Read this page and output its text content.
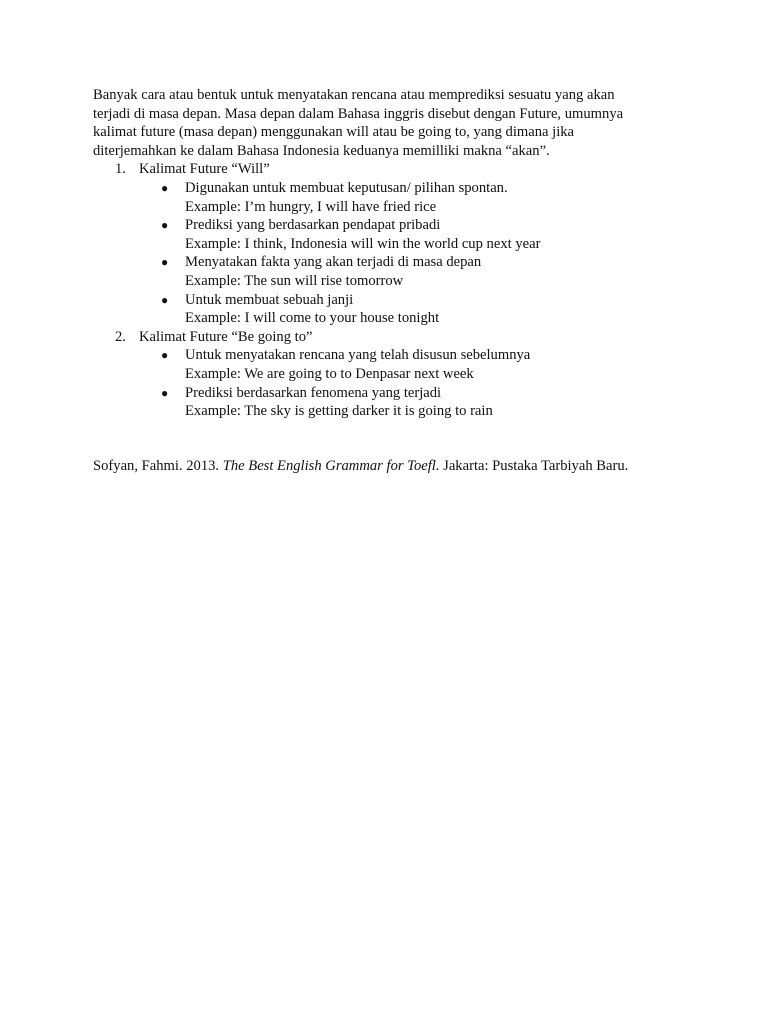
Banyak cara atau bentuk untuk menyatakan rencana atau memprediksi sesuatu yang akan
terjadi di masa depan. Masa depan dalam Bahasa inggris disebut dengan Future, umumnya
kalimat future (masa depan) menggunakan will atau be going to, yang dimana jika
diterjemahkan ke dalam Bahasa Indonesia keduanya memilliki makna “akan”.

1. Kalimat Future “Will”
● Digunakan untuk membuat keputusan/ pilihan spontan.
Example: I’m hungry, I will have fried rice
● Prediksi yang berdasarkan pendapat pribadi
Example: I think, Indonesia will win the world cup next year
● Menyatakan fakta yang akan terjadi di masa depan
Example: The sun will rise tomorrow
● Untuk membuat sebuah janji
Example: I will come to your house tonight
2. Kalimat Future “Be going to”
● Untuk menyatakan rencana yang telah disusun sebelumnya
Example: We are going to to Denpasar next week
● Prediksi berdasarkan fenomena yang terjadi
Example: The sky is getting darker it is going to rain

Sofyan, Fahmi. 2013. The Best English Grammar for Toefl. Jakarta: Pustaka Tarbiyah Baru.
